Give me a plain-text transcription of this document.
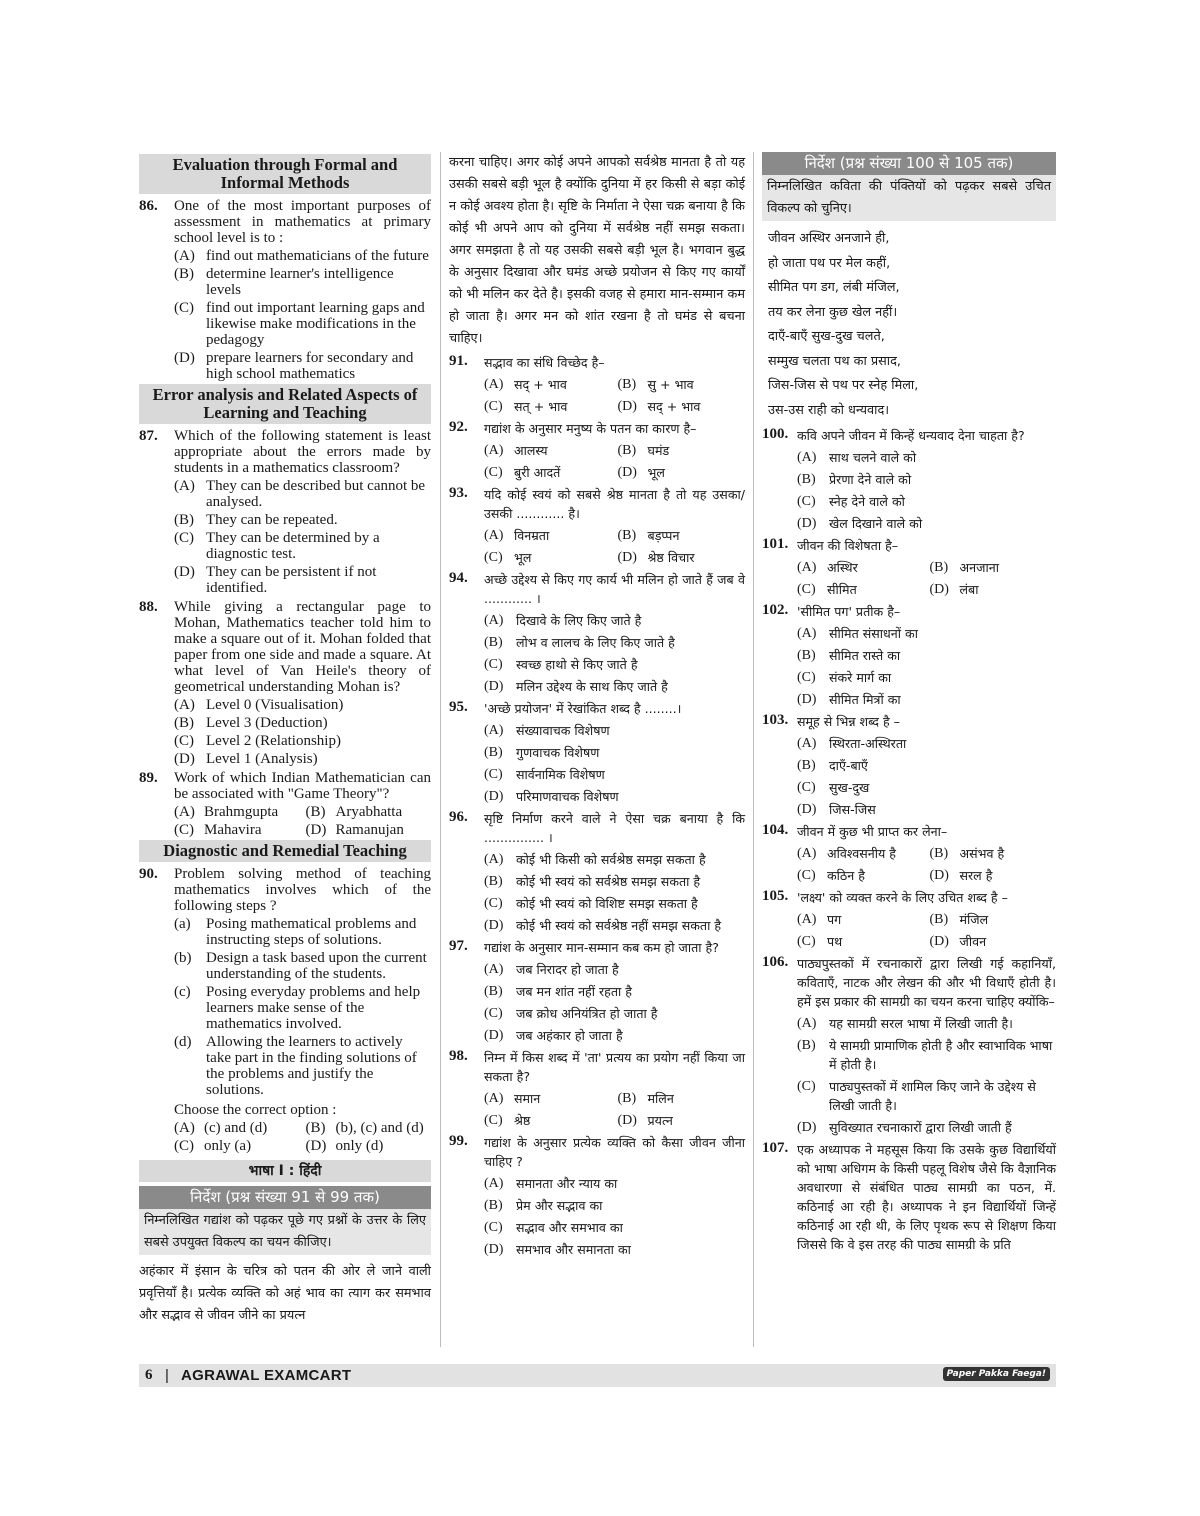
Evaluation through Formal and Informal Methods
86.	One of the most important purposes of assessment in mathematics at primary school level is to :
(A) find out mathematicians of the future
(B) determine learner's intelligence levels
(C) find out important learning gaps and likewise make modifications in the pedagogy
(D) prepare learners for secondary and high school mathematics
Error analysis and Related Aspects of Learning and Teaching
87.	Which of the following statement is least appropriate about the errors made by students in a mathematics classroom?
(A) They can be described but cannot be analysed.
(B) They can be repeated.
(C) They can be determined by a diagnostic test.
(D) They can be persistent if not identified.
88.	While giving a rectangular page to Mohan, Mathematics teacher told him to make a square out of it. Mohan folded that paper from one side and made a square. At what level of Van Heile's theory of geometrical understanding Mohan is?
(A) Level 0 (Visualisation)
(B) Level 3 (Deduction)
(C) Level 2 (Relationship)
(D) Level 1 (Analysis)
89.	Work of which Indian Mathematician can be associated with "Game Theory"?
(A) Brahmgupta	(B) Aryabhatta
(C) Mahavira	(D) Ramanujan
Diagnostic and Remedial Teaching
90.	Problem solving method of teaching mathematics involves which of the following steps ?
(a)	Posing mathematical problems and instructing steps of solutions.
(b) Design a task based upon the current understanding of the students.
(c)	Posing everyday problems and help learners make sense of the mathematics involved.
(d) Allowing the learners to actively take part in the finding solutions of the problems and justify the solutions.
Choose the correct option :
(A) (c) and (d)	(B) (b), (c) and (d)
(C) only (a)	(D) only (d)
भाषा I : हिंदी
निर्देश (प्रश्न संख्या 91 से 99 तक)
निम्नलिखित गद्यांश को पढ़कर पूछे गए प्रश्नों के उत्तर के लिए सबसे उपयुक्त विकल्प का चयन कीजिए।
अहंकार में इंसान के चरित्र को पतन की ओर ले जाने वाली प्रवृत्तियाँ है। प्रत्येक व्यक्ति को अहं भाव का त्याग कर समभाव और सद्भाव से जीवन जीने का प्रयत्न
करना चाहिए। अगर कोई अपने आपको सर्वश्रेष्ठ मानता है तो यह उसकी सबसे बड़ी भूल है क्योंकि दुनिया में हर किसी से बड़ा कोई न कोई अवश्य होता है। सृष्टि के निर्माता ने ऐसा चक्र बनाया है कि कोई भी अपने आप को दुनिया में सर्वश्रेष्ठ नहीं समझ सकता। अगर समझता है तो यह उसकी सबसे बड़ी भूल है। भगवान बुद्ध के अनुसार दिखावा और घमंड अच्छे प्रयोजन से किए गए कार्यों को भी मलिन कर देते है। इसकी वजह से हमारा मान-सम्मान कम हो जाता है। अगर मन को शांत रखना है तो घमंड से बचना चाहिए।
91.	सद्भाव का संधि विच्छेद है–
(A) सद् + भाव	(B) सु + भाव
(C) सत् + भाव	(D) सद् + भाव
92.	गद्यांश के अनुसार मनुष्य के पतन का कारण है–
(A) आलस्य	(B) घमंड
(C) बुरी आदतें	(D) भूल
93.	यदि कोई स्वयं को सबसे श्रेष्ठ मानता है तो यह उसका/उसकी ............ है।
(A) विनम्रता	(B) बड़प्पन
(C) भूल	(D) श्रेष्ठ विचार
94.	अच्छे उद्देश्य से किए गए कार्य भी मलिन हो जाते हैं जब वे ............ ।
(A) दिखावे के लिए किए जाते है
(B)	लोभ व लालच के लिए किए जाते है
(C)	स्वच्छ हाथो से किए जाते है
(D) मलिन उद्देश्य के साथ किए जाते है
95.	'अच्छे प्रयोजन' में रेखांकित शब्द है ........।
(A) संख्यावाचक विशेषण
(B)	गुणवाचक विशेषण
(C)	सार्वनामिक विशेषण
(D) परिमाणवाचक विशेषण
96.	सृष्टि निर्माण करने वाले ने ऐसा चक्र बनाया है कि ............... ।
(A) कोई भी किसी को सर्वश्रेष्ठ समझ सकता है
(B)	कोई भी स्वयं को सर्वश्रेष्ठ समझ सकता है
(C)	कोई भी स्वयं को विशिष्ट समझ सकता है
(D) कोई भी स्वयं को सर्वश्रेष्ठ नहीं समझ सकता है
97.	गद्यांश के अनुसार मान-सम्मान कब कम हो जाता है?
(A) जब निरादर हो जाता है
(B)	जब मन शांत नहीं रहता है
(C)	जब क्रोध अनियंत्रित हो जाता है
(D) जब अहंकार हो जाता है
98.	निम्न में किस शब्द में 'ता' प्रत्यय का प्रयोग नहीं किया जा सकता है?
(A) समान	(B) मलिन
(C) श्रेष्ठ	(D) प्रयत्न
99.	गद्यांश के अनुसार प्रत्येक व्यक्ति को कैसा जीवन जीना चाहिए ?
(A) समानता और न्याय का
(B)	प्रेम और सद्भाव का
(C)	सद्भाव और समभाव का
(D) समभाव और समानता का
निर्देश (प्रश्न संख्या 100 से 105 तक)
निम्नलिखित कविता की पंक्तियों को पढ़कर सबसे उचित विकल्प को चुनिए।
जीवन अस्थिर अनजाने ही,
हो जाता पथ पर मेल कहीं,
सीमित पग डग, लंबी मंजिल,
तय कर लेना कुछ खेल नहीं।
दाएँ-बाएँ सुख-दुख चलते,
सम्मुख चलता पथ का प्रसाद,
जिस-जिस से पथ पर स्नेह मिला,
उस-उस राही को धन्यवाद।
100. कवि अपने जीवन में किन्हें धन्यवाद देना चाहता है?
(A) साथ चलने वाले को
(B)	प्रेरणा देने वाले को
(C)	स्नेह देने वाले को
(D) खेल दिखाने वाले को
101. जीवन की विशेषता है–
(A) अस्थिर	(B) अनजाना
(C) सीमित	(D) लंबा
102. 'सीमित पग' प्रतीक है–
(A) सीमित संसाधनों का
(B)	सीमित रास्ते का
(C)	संकरे मार्ग का
(D) सीमित मित्रों का
103. समूह से भिन्न शब्द है –
(A) स्थिरता-अस्थिरता
(B)	दाएँ-बाएँ
(C)	सुख-दुख
(D) जिस-जिस
104. जीवन में कुछ भी प्राप्त कर लेना–
(A) अविश्वसनीय है	(B) असंभव है
(C) कठिन है	(D) सरल है
105. 'लक्ष्य' को व्यक्त करने के लिए उचित शब्द है –
(A) पग	(B) मंजिल
(C) पथ	(D) जीवन
106. पाठ्यपुस्तकों में रचनाकारों द्वारा लिखी गई कहानियाँ, कविताएँ, नाटक और लेखन की और भी विधाएँ होती है। हमें इस प्रकार की सामग्री का चयन करना चाहिए क्योंकि–
(A) यह सामग्री सरल भाषा में लिखी जाती है।
(B)	ये सामग्री प्रामाणिक होती है और स्वाभाविक भाषा में होती है।
(C)	पाठ्यपुस्तकों में शामिल किए जाने के उद्देश्य से लिखी जाती है।
(D) सुविख्यात रचनाकारों द्वारा लिखी जाती हैं
107. एक अध्यापक ने महसूस किया कि उसके कुछ विद्यार्थियों को भाषा अधिगम के किसी पहलू विशेष जैसे कि वैज्ञानिक अवधारणा से संबंधित पाठ्य सामग्री का पठन, में. कठिनाई आ रही है। अध्यापक ने इन विद्यार्थियों जिन्हें कठिनाई आ रही थी, के लिए पृथक रूप से शिक्षण किया जिससे कि वे इस तरह की पाठ्य सामग्री के प्रति
6 | AGRAWAL EXAMCART	Paper Pakka Faega!
